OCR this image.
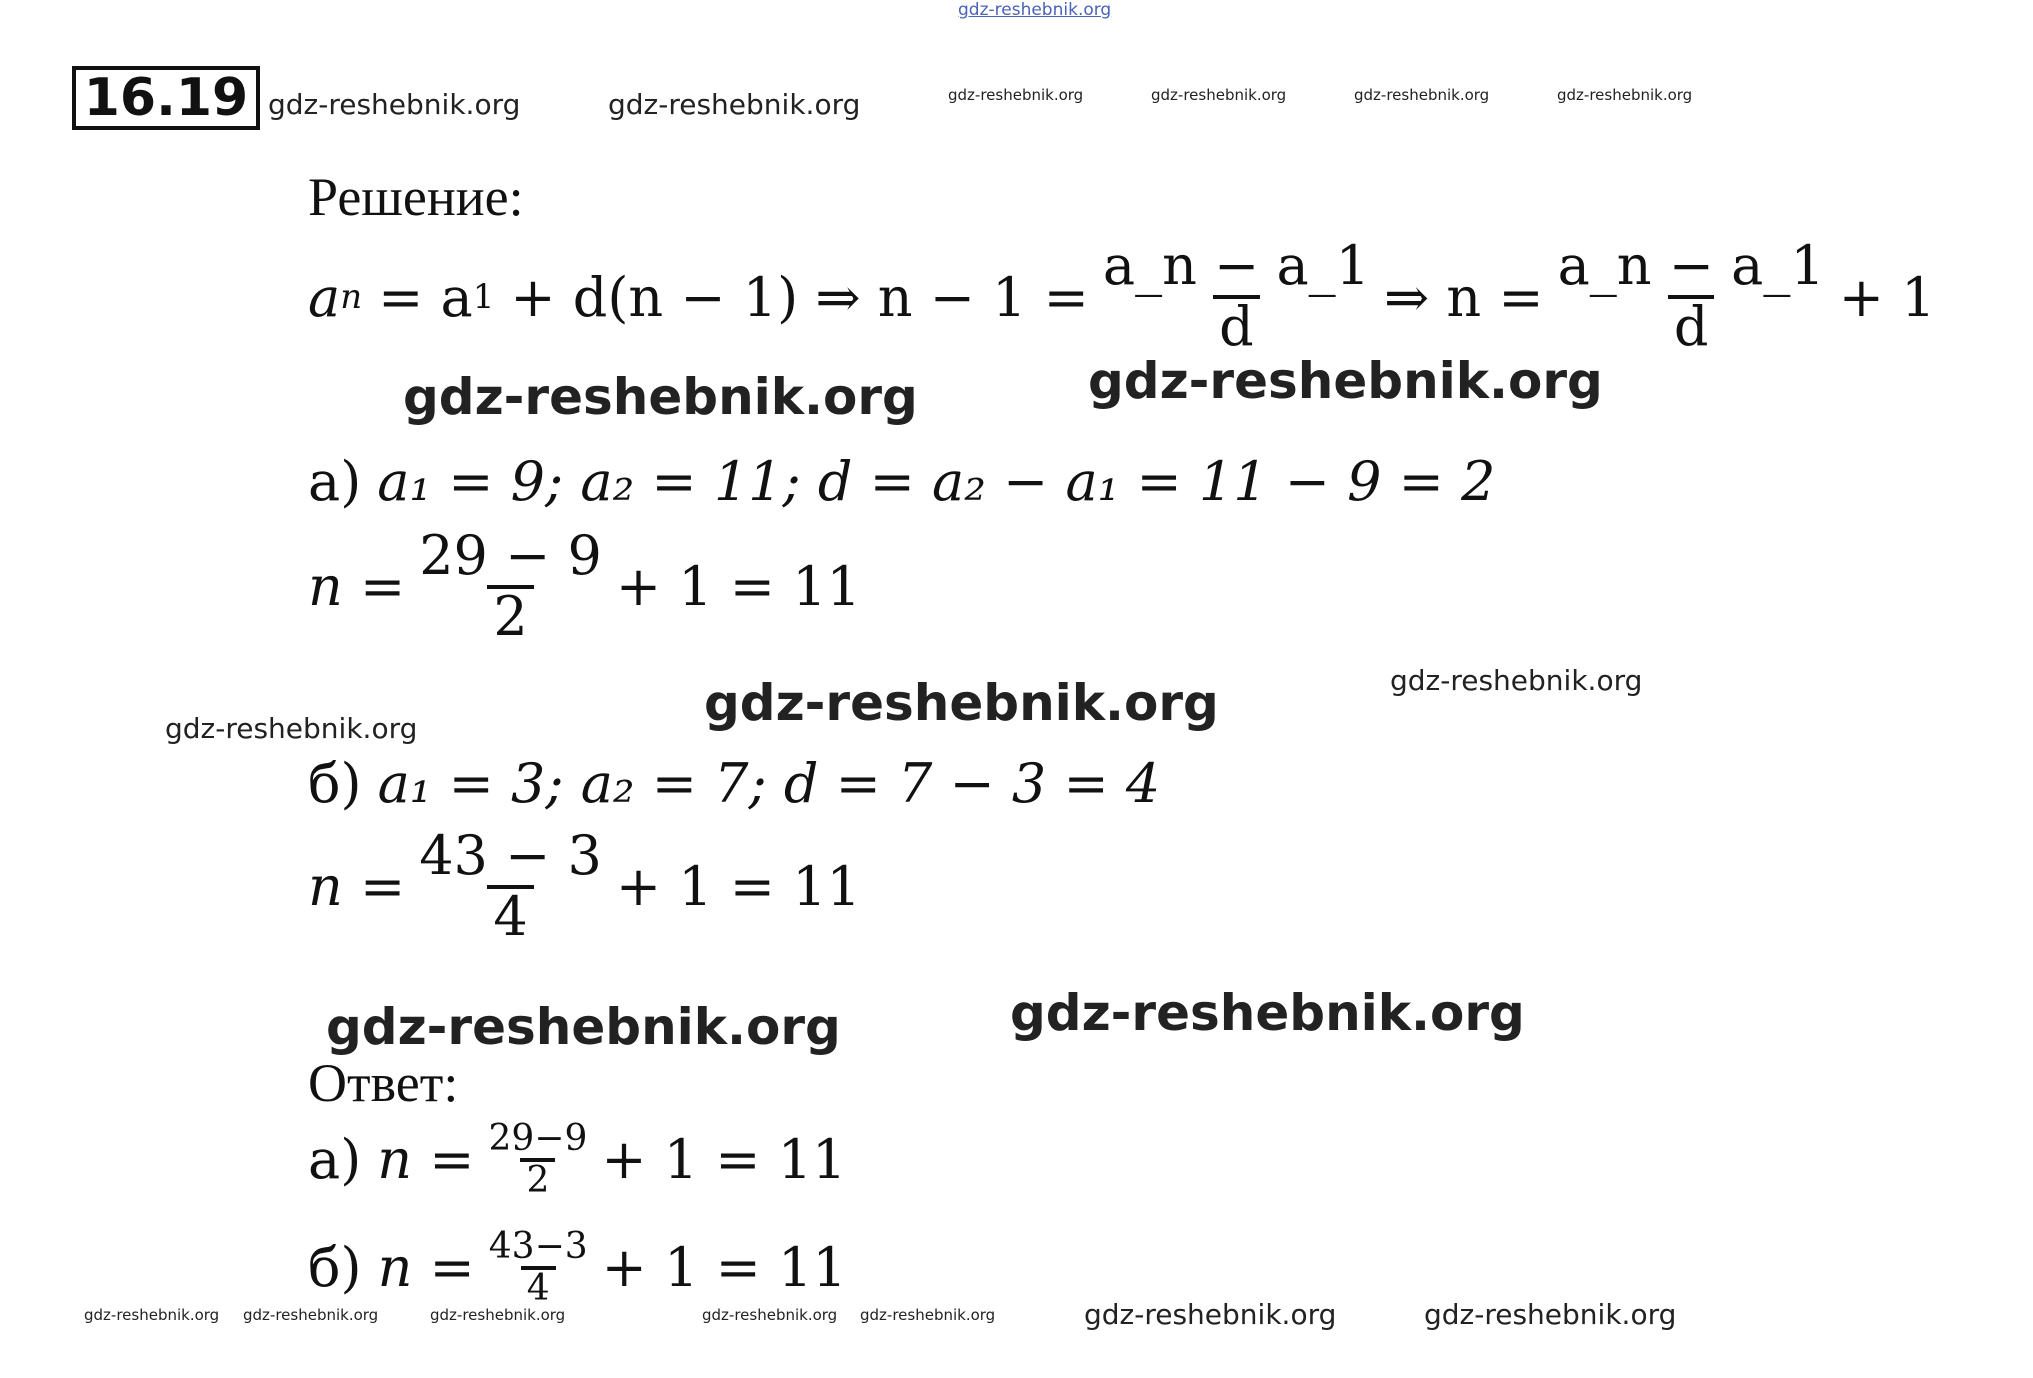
gdz-reshebnik.org
16.19 gdz-reshebnik.org	gdz-reshebnik.org	gdz-reshebnik.org	gdz-reshebnik.org	gdz-reshebnik.org	gdz-reshebnik.org
Решение:
a n = a 1 + d(n − 1) ⇒ $n - 1 = \frac{a\_n - a\_1}{d}$ ⇒ $n = \frac{a\_n - a\_1}{d} + 1$
gdz-reshebnik.org	gdz-reshebnik.org
а) a₁ = 9; a₂ = 11; d = a₂ − a₁ = 11 − 9 = 2
$n = \frac{29 - 9}{2} + 1 = 11$
gdz-reshebnik.org
gdz-reshebnik.org
gdz-reshebnik.org
б) a₁ = 3; a₂ = 7; d = 7 − 3 = 4
$n = \frac{43 - 3}{4} + 1 = 11$
gdz-reshebnik.org
gdz-reshebnik.org
Ответ:
а) $n = \frac{29-9}{2} + 1 = 11$
б) $n = \frac{43-3}{4} + 1 = 11$
gdz-reshebnik.org gdz-reshebnik.org	gdz-reshebnik.org	gdz-reshebnik.org gdz-reshebnik.org	gdz-reshebnik.org	gdz-reshebnik.org
